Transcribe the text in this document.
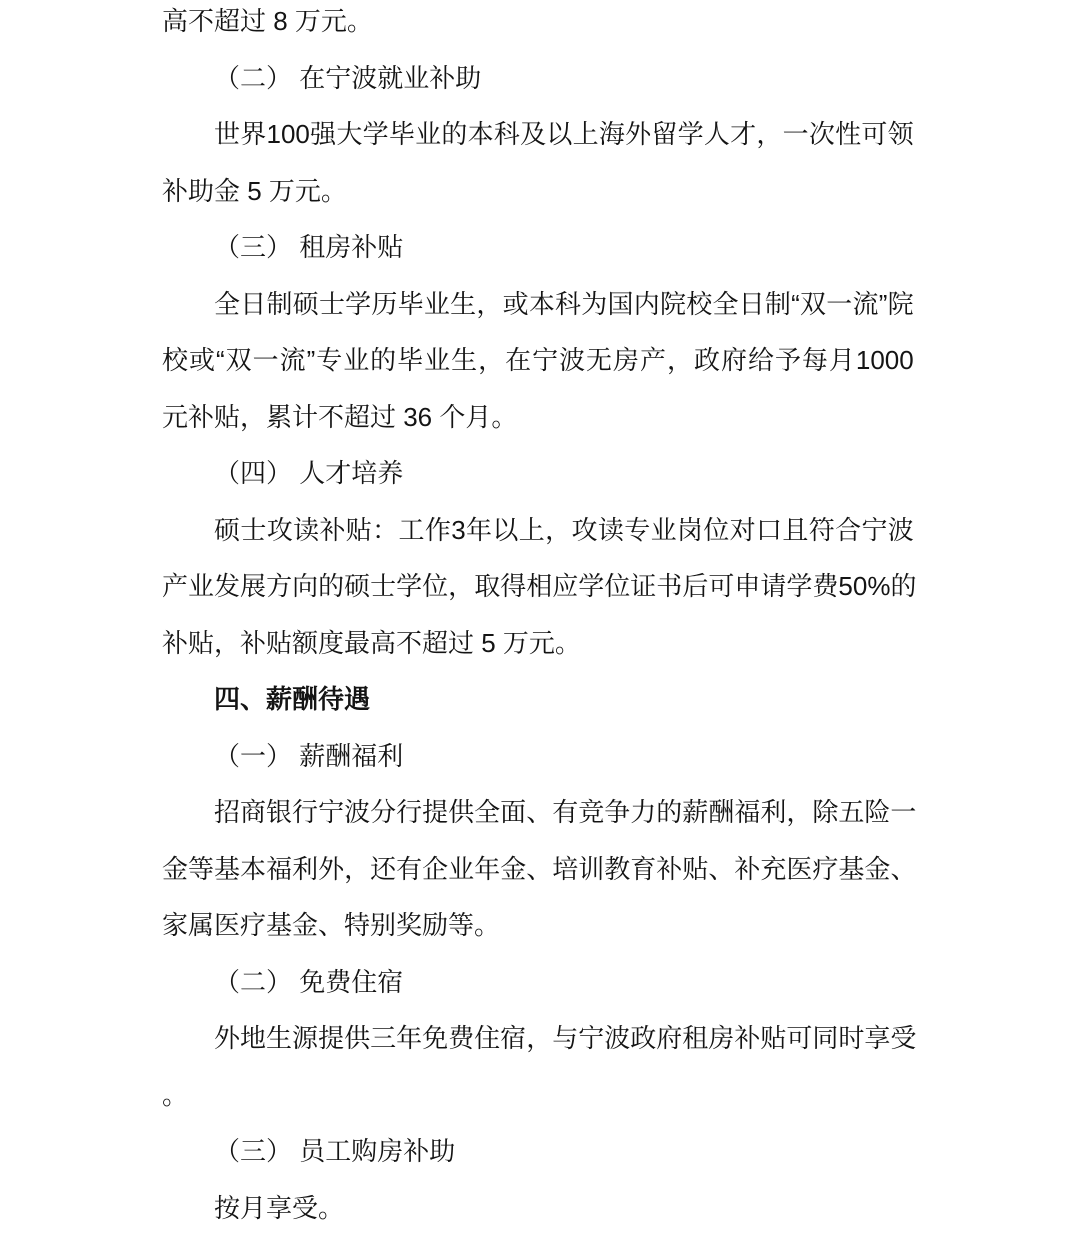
高不超过 8 万元。
（二） 在宁波就业补助
世 界 100 强 大 学 毕 业 的 本 科 及 以 上 海 外 留 学 人 才 ， 一 次 性 可 领
补助金 5 万元。
（三） 租房补贴
全 日 制 硕 士 学 历 毕 业 生 ， 或 本 科 为 国 内 院 校 全 日 制 “ 双 一 流 ” 院
校 或 “ 双 一 流 ” 专 业 的 毕 业 生 ， 在 宁 波 无 房 产 ， 政 府 给 予 每 月 1000
元补贴，累计不超过 36 个月。
（四） 人才培养
硕 士 攻 读 补 贴 ： 工 作 3 年 以 上 ， 攻 读 专 业 岗 位 对 口 且 符 合 宁 波
产 业 发 展 方 向 的 硕 士 学 位 ， 取 得 相 应 学 位 证 书 后 可 申 请 学 费 50% 的
补贴，补贴额度最高不超过 5 万元。
四、薪酬待遇
（一） 薪酬福利
招 商 银 行 宁 波 分 行 提 供 全 面 、 有 竞 争 力 的 薪 酬 福 利 ， 除 五 险 一
金 等 基 本 福 利 外 ， 还 有 企 业 年 金 、 培 训 教 育 补 贴 、 补 充 医 疗 基 金 、
家属医疗基金、特别奖励等。
（二） 免费住宿
外 地 生 源 提 供 三 年 免 费 住 宿 ， 与 宁 波 政 府 租 房 补 贴 可 同 时 享 受
。
（三） 员工购房补助
按月享受。
